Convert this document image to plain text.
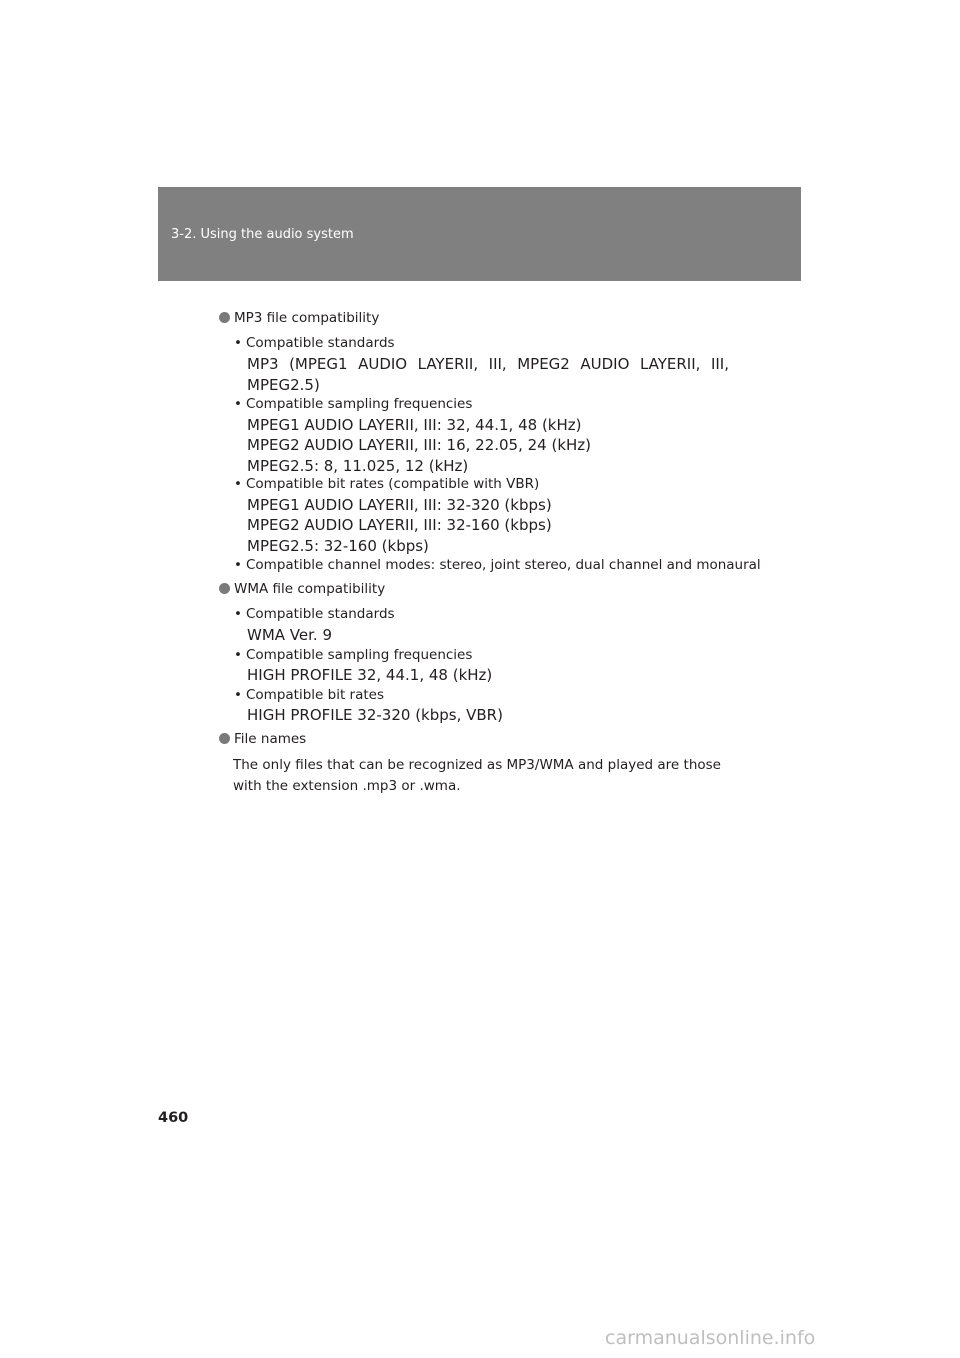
3-2. Using the audio system
MP3 file compatibility
• Compatible standards
MP3 (MPEG1 AUDIO LAYERII, III, MPEG2 AUDIO LAYERII, III,
MPEG2.5)
• Compatible sampling frequencies
MPEG1 AUDIO LAYERII, III: 32, 44.1, 48 (kHz)
MPEG2 AUDIO LAYERII, III: 16, 22.05, 24 (kHz)
MPEG2.5: 8, 11.025, 12 (kHz)
• Compatible bit rates (compatible with VBR)
MPEG1 AUDIO LAYERII, III: 32-320 (kbps)
MPEG2 AUDIO LAYERII, III: 32-160 (kbps)
MPEG2.5: 32-160 (kbps)
• Compatible channel modes: stereo, joint stereo, dual channel and monaural
WMA file compatibility
• Compatible standards
WMA Ver. 9
• Compatible sampling frequencies
HIGH PROFILE 32, 44.1, 48 (kHz)
• Compatible bit rates
HIGH PROFILE 32-320 (kbps, VBR)
File names
The only files that can be recognized as MP3/WMA and played are those with the extension .mp3 or .wma.
460
carmanualsonline.info
